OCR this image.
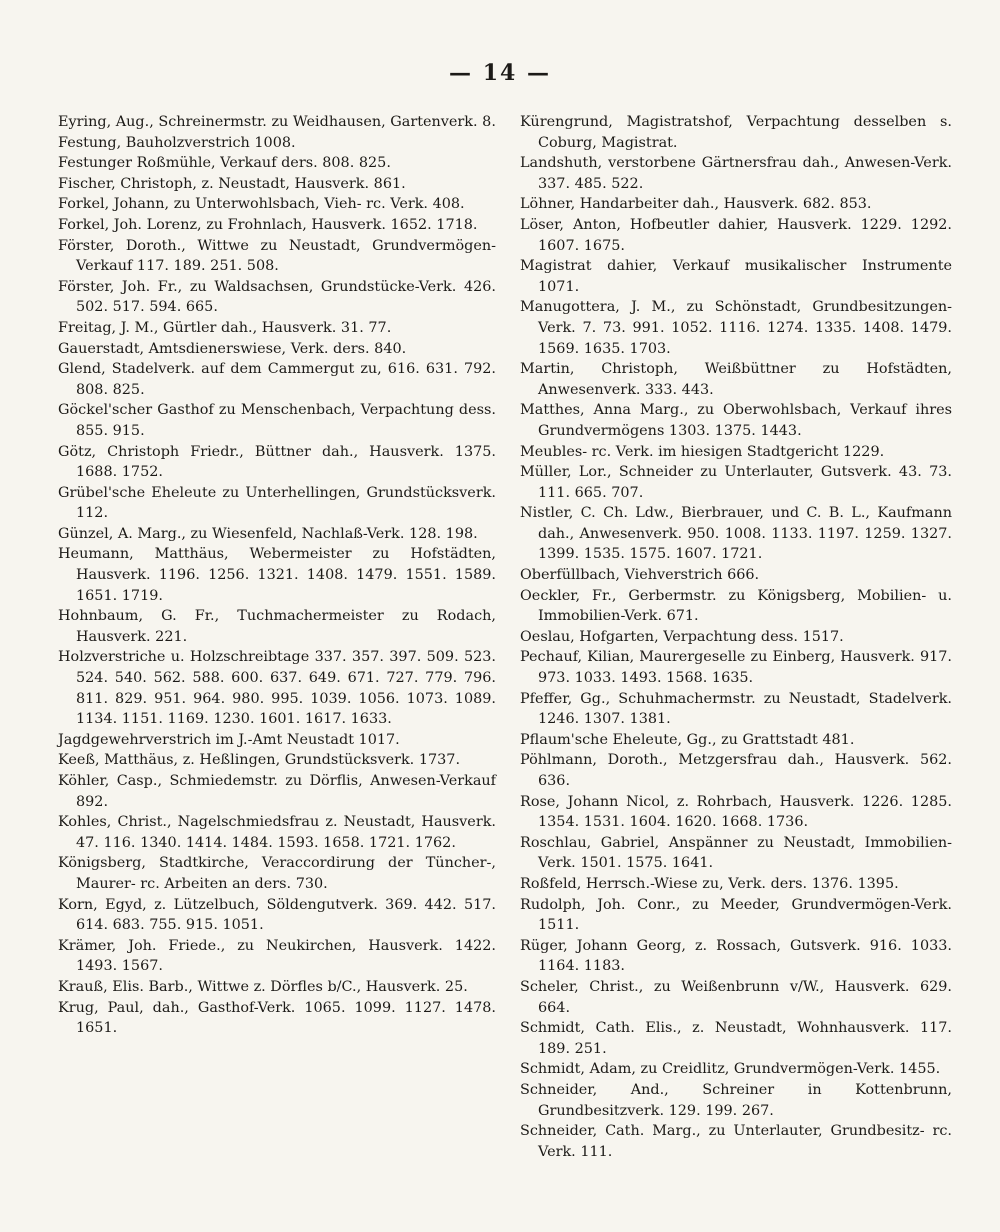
— 14 —

Eyring, Aug., Schreinermstr. zu Weidhausen, Gartenverk. 8.

Festung, Bauholzverstrich 1008.

Festunger Roßmühle, Verkauf ders. 808. 825.

Fischer, Christoph, z. Neustadt, Hausverk. 861.

Forkel, Johann, zu Unterwohlsbach, Vieh- rc. Verk. 408.

Forkel, Joh. Lorenz, zu Frohnlach, Hausverk. 1652. 1718.

Förster, Doroth., Wittwe zu Neustadt, Grundvermögen-Verkauf 117. 189. 251. 508.

Förster, Joh. Fr., zu Waldsachsen, Grundstücke-Verk. 426. 502. 517. 594. 665.

Freitag, J. M., Gürtler dah., Hausverk. 31. 77.

Gauerstadt, Amtsdienerswiese, Verk. ders. 840.

Glend, Stadelverk. auf dem Cammergut zu, 616. 631. 792. 808. 825.

Göckel'scher Gasthof zu Menschenbach, Verpachtung dess. 855. 915.

Götz, Christoph Friedr., Büttner dah., Hausverk. 1375. 1688. 1752.

Grübel'sche Eheleute zu Unterhellingen, Grundstücksverk. 112.

Günzel, A. Marg., zu Wiesenfeld, Nachlaß-Verk. 128. 198.

Heumann, Matthäus, Webermeister zu Hofstädten, Hausverk. 1196. 1256. 1321. 1408. 1479. 1551. 1589. 1651. 1719.

Hohnbaum, G. Fr., Tuchmachermeister zu Rodach, Hausverk. 221.

Holzverstriche u. Holzschreibtage 337. 357. 397. 509. 523. 524. 540. 562. 588. 600. 637. 649. 671. 727. 779. 796. 811. 829. 951. 964. 980. 995. 1039. 1056. 1073. 1089. 1134. 1151. 1169. 1230. 1601. 1617. 1633.

Jagdgewehrverstrich im J.-Amt Neustadt 1017.

Keeß, Matthäus, z. Heßlingen, Grundstücksverk. 1737.

Köhler, Casp., Schmiedemstr. zu Dörflis, Anwesen-Verkauf 892.

Kohles, Christ., Nagelschmiedsfrau z. Neustadt, Hausverk. 47. 116. 1340. 1414. 1484. 1593. 1658. 1721. 1762.

Königsberg, Stadtkirche, Veraccordirung der Tüncher-, Maurer- rc. Arbeiten an ders. 730.

Korn, Egyd, z. Lützelbuch, Söldengutverk. 369. 442. 517. 614. 683. 755. 915. 1051.

Krämer, Joh. Friede., zu Neukirchen, Hausverk. 1422. 1493. 1567.

Krauß, Elis. Barb., Wittwe z. Dörfles b/C., Hausverk. 25.

Krug, Paul, dah., Gasthof-Verk. 1065. 1099. 1127. 1478. 1651.

Kürengrund, Magistratshof, Verpachtung desselben s. Coburg, Magistrat.

Landshuth, verstorbene Gärtnersfrau dah., Anwesen-Verk. 337. 485. 522.

Löhner, Handarbeiter dah., Hausverk. 682. 853.

Löser, Anton, Hofbeutler dahier, Hausverk. 1229. 1292. 1607. 1675.

Magistrat dahier, Verkauf musikalischer Instrumente 1071.

Manugottera, J. M., zu Schönstadt, Grundbesitzungen-Verk. 7. 73. 991. 1052. 1116. 1274. 1335. 1408. 1479. 1569. 1635. 1703.

Martin, Christoph, Weißbüttner zu Hofstädten, Anwesenverk. 333. 443.

Matthes, Anna Marg., zu Oberwohlsbach, Verkauf ihres Grundvermögens 1303. 1375. 1443.

Meubles- rc. Verk. im hiesigen Stadtgericht 1229.

Müller, Lor., Schneider zu Unterlauter, Gutsverk. 43. 73. 111. 665. 707.

Nistler, C. Ch. Ldw., Bierbrauer, und C. B. L., Kaufmann dah., Anwesenverk. 950. 1008. 1133. 1197. 1259. 1327. 1399. 1535. 1575. 1607. 1721.

Oberfüllbach, Viehverstrich 666.

Oeckler, Fr., Gerbermstr. zu Königsberg, Mobilien- u. Immobilien-Verk. 671.

Oeslau, Hofgarten, Verpachtung dess. 1517.

Pechauf, Kilian, Maurergeselle zu Einberg, Hausverk. 917. 973. 1033. 1493. 1568. 1635.

Pfeffer, Gg., Schuhmachermstr. zu Neustadt, Stadelverk. 1246. 1307. 1381.

Pflaum'sche Eheleute, Gg., zu Grattstadt 481.

Pöhlmann, Doroth., Metzgersfrau dah., Hausverk. 562. 636.

Rose, Johann Nicol, z. Rohrbach, Hausverk. 1226. 1285. 1354. 1531. 1604. 1620. 1668. 1736.

Roschlau, Gabriel, Anspänner zu Neustadt, Immobilien-Verk. 1501. 1575. 1641.

Roßfeld, Herrsch.-Wiese zu, Verk. ders. 1376. 1395.

Rudolph, Joh. Conr., zu Meeder, Grundvermögen-Verk. 1511.

Rüger, Johann Georg, z. Rossach, Gutsverk. 916. 1033. 1164. 1183.

Scheler, Christ., zu Weißenbrunn v/W., Hausverk. 629. 664.

Schmidt, Cath. Elis., z. Neustadt, Wohnhausverk. 117. 189. 251.

Schmidt, Adam, zu Creidlitz, Grundvermögen-Verk. 1455.

Schneider, And., Schreiner in Kottenbrunn, Grundbesitzverk. 129. 199. 267.

Schneider, Cath. Marg., zu Unterlauter, Grundbesitz- rc. Verk. 111.
